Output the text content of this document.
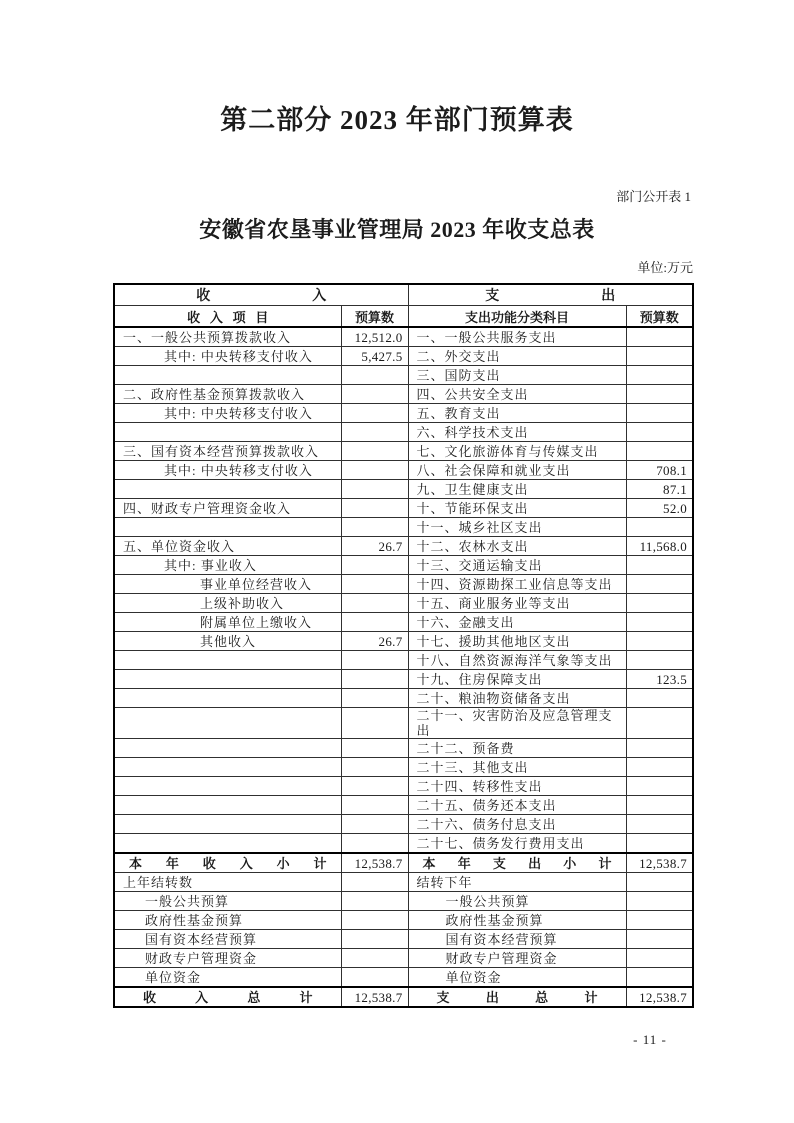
第二部分 2023 年部门预算表
部门公开表 1
安徽省农垦事业管理局 2023 年收支总表
单位:万元
收 入		支 出	

收   入   项   目	预算数	支出功能分类科目	预算数
一、一般公共预算拨款收入	12,512.0	一、一般公共服务支出	
其中: 中央转移支付收入	5,427.5	二、外交支出	
		三、国防支出	
二、政府性基金预算拨款收入		四、公共安全支出	
其中: 中央转移支付收入		五、教育支出	
		六、科学技术支出	
三、国有资本经营预算拨款收入		七、文化旅游体育与传媒支出	
其中: 中央转移支付收入		八、社会保障和就业支出	708.1
		九、卫生健康支出	87.1
四、财政专户管理资金收入		十、节能环保支出	52.0
		十一、城乡社区支出	
五、单位资金收入	26.7	十二、农林水支出	11,568.0
其中: 事业收入		十三、交通运输支出	
事业单位经营收入		十四、资源勘探工业信息等支出	
上级补助收入		十五、商业服务业等支出	
附属单位上缴收入		十六、金融支出	
其他收入	26.7	十七、援助其他地区支出	
		十八、自然资源海洋气象等支出	
		十九、住房保障支出	123.5
		二十、粮油物资储备支出	
		二十一、灾害防治及应急管理支出	
		二十二、预备费	
		二十三、其他支出	
		二十四、转移性支出	
		二十五、债务还本支出	
		二十六、债务付息支出	
		二十七、债务发行费用支出	
本年收入小计	12,538.7	本年支出小计	12,538.7
上年结转数		结转下年	
一般公共预算		一般公共预算	
政府性基金预算		政府性基金预算	
国有资本经营预算		国有资本经营预算	
财政专户管理资金		财政专户管理资金	
单位资金		单位资金	
收入总计	12,538.7	支出总计	12,538.7
- 11 -
